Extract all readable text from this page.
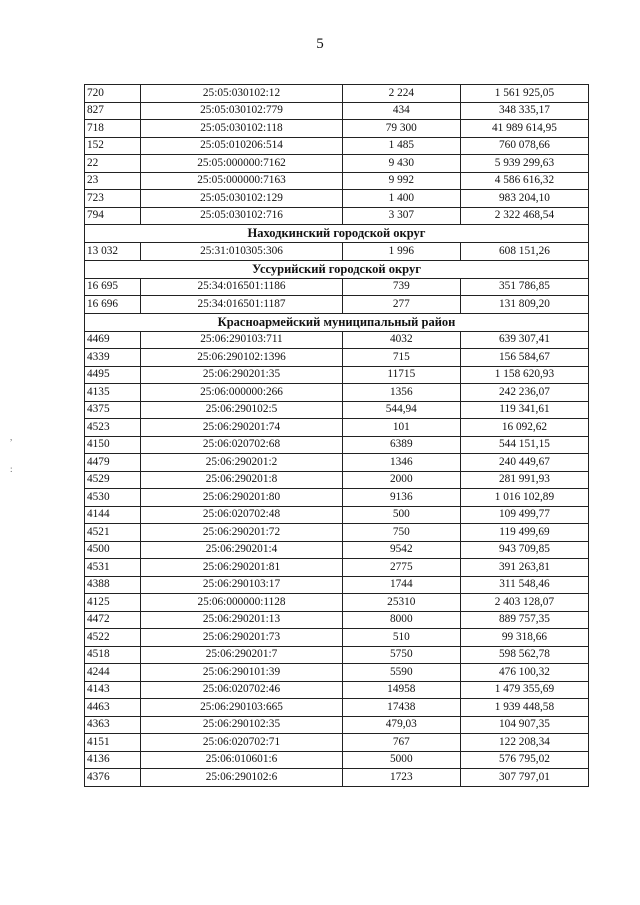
5
,
:
720	25:05:030102:12	2 224	1 561 925,05
827	25:05:030102:779	434	348 335,17
718	25:05:030102:118	79 300	41 989 614,95
152	25:05:010206:514	1 485	760 078,66
22	25:05:000000:7162	9 430	5 939 299,63
23	25:05:000000:7163	9 992	4 586 616,32
723	25:05:030102:129	1 400	983 204,10
794	25:05:030102:716	3 307	2 322 468,54
Находкинский городской округ			
13 032	25:31:010305:306	1 996	608 151,26
Уссурийский городской округ			
16 695	25:34:016501:1186	739	351 786,85
16 696	25:34:016501:1187	277	131 809,20
Красноармейский муниципальный район			
4469	25:06:290103:711	4032	639 307,41
4339	25:06:290102:1396	715	156 584,67
4495	25:06:290201:35	11715	1 158 620,93
4135	25:06:000000:266	1356	242 236,07
4375	25:06:290102:5	544,94	119 341,61
4523	25:06:290201:74	101	16 092,62
4150	25:06:020702:68	6389	544 151,15
4479	25:06:290201:2	1346	240 449,67
4529	25:06:290201:8	2000	281 991,93
4530	25:06:290201:80	9136	1 016 102,89
4144	25:06:020702:48	500	109 499,77
4521	25:06:290201:72	750	119 499,69
4500	25:06:290201:4	9542	943 709,85
4531	25:06:290201:81	2775	391 263,81
4388	25:06:290103:17	1744	311 548,46
4125	25:06:000000:1128	25310	2 403 128,07
4472	25:06:290201:13	8000	889 757,35
4522	25:06:290201:73	510	99 318,66
4518	25:06:290201:7	5750	598 562,78
4244	25:06:290101:39	5590	476 100,32
4143	25:06:020702:46	14958	1 479 355,69
4463	25:06:290103:665	17438	1 939 448,58
4363	25:06:290102:35	479,03	104 907,35
4151	25:06:020702:71	767	122 208,34
4136	25:06:010601:6	5000	576 795,02
4376	25:06:290102:6	1723	307 797,01
